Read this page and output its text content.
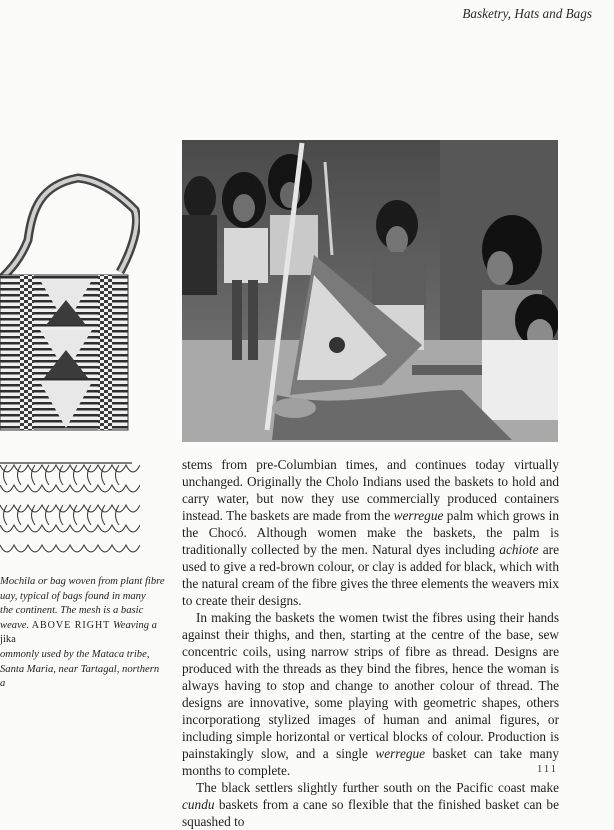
Basketry, Hats and Bags
Mochila or bag woven from plant fibre
uay, typical of bags found in many
the continent. The mesh is a basic
weave. ABOVE RIGHT Weaving a jika
ommonly used by the Mataca tribe,
Santa Maria, near Tartagal, northern
a

stems from pre-Columbian times, and continues today virtually unchanged. Originally the Cholo Indians used the baskets to hold and carry water, but now they use commercially produced containers instead. The baskets are made from the werregue palm which grows in the Chocó. Although women make the baskets, the palm is traditionally collected by the men. Natural dyes including achiote are used to give a red-brown colour, or clay is added for black, which with the natural cream of the fibre gives the three elements the weavers mix to create their designs.

In making the baskets the women twist the fibres using their hands against their thighs, and then, starting at the centre of the base, sew concentric coils, using narrow strips of fibre as thread. Designs are produced with the threads as they bind the fibres, hence the woman is always having to stop and change to another colour of thread. The designs are innovative, some playing with geometric shapes, others incorporationg stylized images of human and animal figures, or including simple horizontal or vertical blocks of colour. Production is painstakingly slow, and a single werregue basket can take many months to complete.

The black settlers slightly further south on the Pacific coast make cundu baskets from a cane so flexible that the finished basket can be squashed to

111
